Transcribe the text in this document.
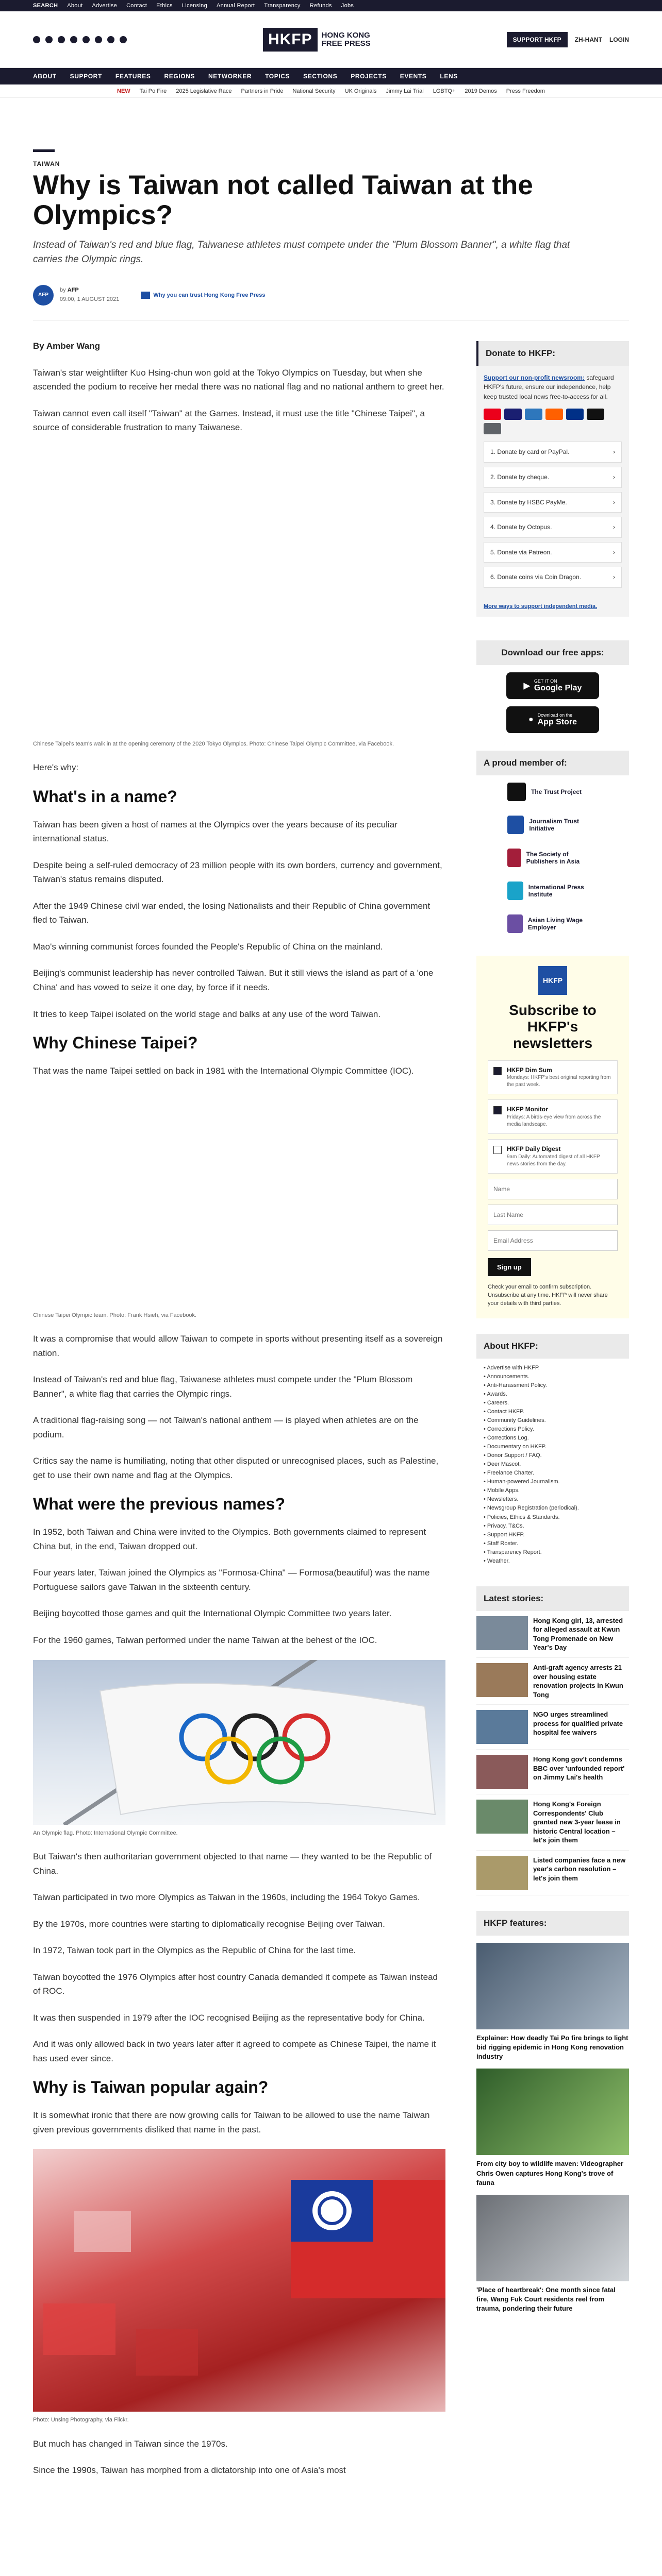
SEARCH About Advertise Contact Ethics Licensing Annual Report Transparency Refunds Jobs
HKFP	HONG KONG
FREE PRESS	SUPPORT HKFP	ZH-HANT LOGIN
ABOUT SUPPORT FEATURES REGIONS NETWORKER TOPICS SECTIONS PROJECTS EVENTS LENS
NEW Tai Po Fire 2025 Legislative Race Partners in Pride National Security UK Originals Jimmy Lai Trial LGBTQ+ 2019 Demos Press Freedom
TAIWAN
Why is Taiwan not called Taiwan at the Olympics?

Instead of Taiwan's red and blue flag, Taiwanese athletes must compete under the "Plum Blossom Banner", a white flag that carries the Olympic rings.

AFP
by AFP
09:00, 1 AUGUST 2021
Why you can trust Hong Kong Free Press
By Amber Wang

Taiwan's star weightlifter Kuo Hsing-chun won gold at the Tokyo Olympics on Tuesday, but when she ascended the podium to receive her medal there was no national flag and no national anthem to greet her.

Taiwan cannot even call itself "Taiwan" at the Games. Instead, it must use the title "Chinese Taipei", a source of considerable frustration to many Taiwanese.

Chinese Taipei's team's walk in at the opening ceremony of the 2020 Tokyo Olympics. Photo: Chinese Taipei Olympic Committee, via Facebook.

Here's why:

What's in a name?

Taiwan has been given a host of names at the Olympics over the years because of its peculiar international status.

Despite being a self-ruled democracy of 23 million people with its own borders, currency and government, Taiwan's status remains disputed.

After the 1949 Chinese civil war ended, the losing Nationalists and their Republic of China government fled to Taiwan.

Mao's winning communist forces founded the People's Republic of China on the mainland.

Beijing's communist leadership has never controlled Taiwan. But it still views the island as part of a 'one China' and has vowed to seize it one day, by force if it needs.

It tries to keep Taipei isolated on the world stage and balks at any use of the word Taiwan.

Why Chinese Taipei?

That was the name Taipei settled on back in 1981 with the International Olympic Committee (IOC).

Chinese Taipei Olympic team. Photo: Frank Hsieh, via Facebook.

It was a compromise that would allow Taiwan to compete in sports without presenting itself as a sovereign nation.

Instead of Taiwan's red and blue flag, Taiwanese athletes must compete under the "Plum Blossom Banner", a white flag that carries the Olympic rings.

A traditional flag-raising song — not Taiwan's national anthem — is played when athletes are on the podium.

Critics say the name is humiliating, noting that other disputed or unrecognised places, such as Palestine, get to use their own name and flag at the Olympics.

What were the previous names?

In 1952, both Taiwan and China were invited to the Olympics. Both governments claimed to represent China but, in the end, Taiwan dropped out.

Four years later, Taiwan joined the Olympics as "Formosa-China" — Formosa(beautiful) was the name Portuguese sailors gave Taiwan in the sixteenth century.

Beijing boycotted those games and quit the International Olympic Committee two years later.

For the 1960 games, Taiwan performed under the name Taiwan at the behest of the IOC.

An Olympic flag. Photo: International Olympic Committee.

But Taiwan's then authoritarian government objected to that name — they wanted to be the Republic of China.

Taiwan participated in two more Olympics as Taiwan in the 1960s, including the 1964 Tokyo Games.

By the 1970s, more countries were starting to diplomatically recognise Beijing over Taiwan.

In 1972, Taiwan took part in the Olympics as the Republic of China for the last time.

Taiwan boycotted the 1976 Olympics after host country Canada demanded it compete as Taiwan instead of ROC.

It was then suspended in 1979 after the IOC recognised Beijing as the representative body for China.

And it was only allowed back in two years later after it agreed to compete as Chinese Taipei, the name it has used ever since.

Why is Taiwan popular again?

It is somewhat ironic that there are now growing calls for Taiwan to be allowed to use the name Taiwan given previous governments disliked that name in the past.

Photo: Unsing Photography, via Flickr.

But much has changed in Taiwan since the 1970s.

Since the 1990s, Taiwan has morphed from a dictatorship into one of Asia's most

Donate to HKFP:
Support our non-profit newsroom: safeguard HKFP's future, ensure our independence, help keep trusted local news free-to-access for all.
1. Donate by card or PayPal.	›
2. Donate by cheque.	›
3. Donate by HSBC PayMe.	›
4. Donate by Octopus.	›
5. Donate via Patreon.	›
6. Donate coins via Coin Dragon.	›
More ways to support independent media.
Download our free apps:
▶
GET IT ON
Google Play
● Download on the
App Store
A proud member of:
The Trust Project
Journalism Trust Initiative
The Society of Publishers in Asia
International Press Institute
Asian Living Wage Employer
HKFP
Subscribe to HKFP's newsletters
HKFP Dim Sum
Mondays: HKFP's best original reporting from the past week.
HKFP Monitor
Fridays: A birds-eye view from across the media landscape.
HKFP Daily Digest
9am Daily: Automated digest of all HKFP news stories from the day.
Name
Last Name
Email Address
Sign up
Check your email to confirm subscription. Unsubscribe at any time. HKFP will never share your details with third parties.
About HKFP:
• Advertise with HKFP.
• Announcements.
• Anti-Harassment Policy.
• Awards.
• Careers.
• Contact HKFP.
• Community Guidelines.
• Corrections Policy.
• Corrections Log.
• Documentary on HKFP.
• Donor Support / FAQ.
• Deer Mascot.
• Freelance Charter.
• Human-powered Journalism.
• Mobile Apps.
• Newsletters.
• Newsgroup Registration (periodical).
• Policies, Ethics & Standards.
• Privacy, T&Cs.
• Support HKFP.
• Staff Roster.
• Transparency Report.
• Weather.
Latest stories:
Hong Kong girl, 13, arrested for alleged assault at Kwun Tong Promenade on New Year's Day
Anti-graft agency arrests 21 over housing estate renovation projects in Kwun Tong
NGO urges streamlined process for qualified private hospital fee waivers
Hong Kong gov't condemns BBC over 'unfounded report' on Jimmy Lai's health
Hong Kong's Foreign Correspondents' Club granted new 3-year lease in historic Central location – let's join them
Listed companies face a new year's carbon resolution – let's join them
HKFP features:
Explainer: How deadly Tai Po fire brings to light bid rigging epidemic in Hong Kong renovation industry
From city boy to wildlife maven: Videographer Chris Owen captures Hong Kong's trove of fauna
'Place of heartbreak': One month since fatal fire, Wang Fuk Court residents reel from trauma, pondering their future
